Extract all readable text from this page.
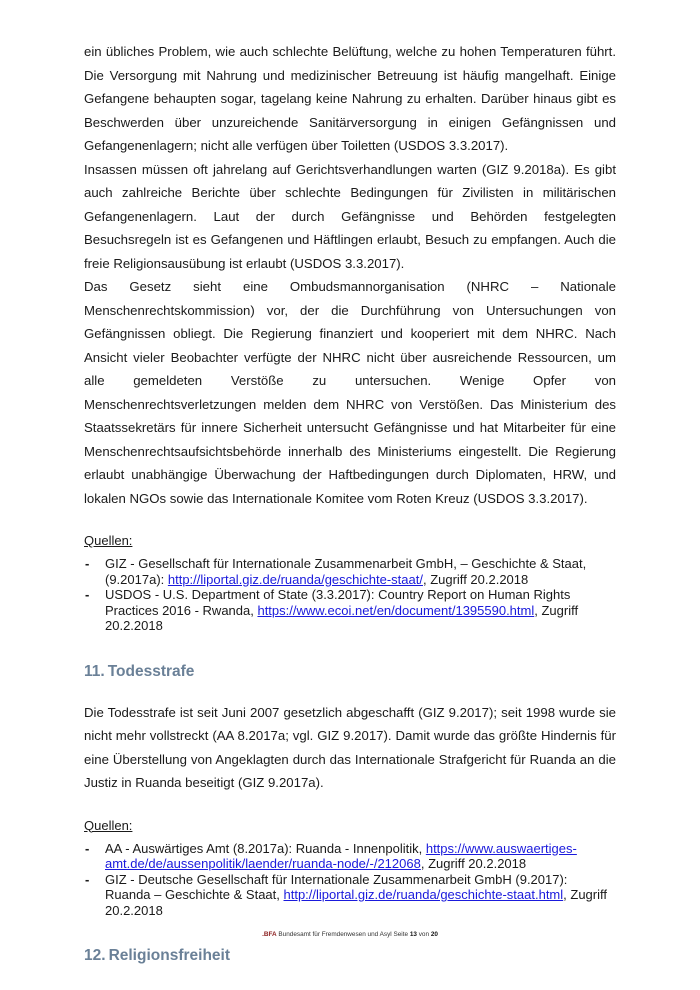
ein übliches Problem, wie auch schlechte Belüftung, welche zu hohen Temperaturen führt. Die Versorgung mit Nahrung und medizinischer Betreuung ist häufig mangelhaft. Einige Gefangene behaupten sogar, tagelang keine Nahrung zu erhalten. Darüber hinaus gibt es Beschwerden über unzureichende Sanitärversorgung in einigen Gefängnissen und Gefangenenlagern; nicht alle verfügen über Toiletten (USDOS 3.3.2017).

Insassen müssen oft jahrelang auf Gerichtsverhandlungen warten (GIZ 9.2018a). Es gibt auch zahlreiche Berichte über schlechte Bedingungen für Zivilisten in militärischen Gefangenenlagern. Laut der durch Gefängnisse und Behörden festgelegten Besuchsregeln ist es Gefangenen und Häftlingen erlaubt, Besuch zu empfangen. Auch die freie Religionsausübung ist erlaubt (USDOS 3.3.2017).

Das Gesetz sieht eine Ombudsmannorganisation (NHRC – Nationale Menschenrechtskommission) vor, der die Durchführung von Untersuchungen von Gefängnissen obliegt. Die Regierung finanziert und kooperiert mit dem NHRC. Nach Ansicht vieler Beobachter verfügte der NHRC nicht über ausreichende Ressourcen, um alle gemeldeten Verstöße zu untersuchen. Wenige Opfer von Menschenrechtsverletzungen melden dem NHRC von Verstößen. Das Ministerium des Staatssekretärs für innere Sicherheit untersucht Gefängnisse und hat Mitarbeiter für eine Menschenrechtsaufsichtsbehörde innerhalb des Ministeriums eingestellt. Die Regierung erlaubt unabhängige Überwachung der Haftbedingungen durch Diplomaten, HRW, und lokalen NGOs sowie das Internationale Komitee vom Roten Kreuz (USDOS 3.3.2017).

Quellen:
- GIZ - Gesellschaft für Internationale Zusammenarbeit GmbH, – Geschichte & Staat, (9.2017a): http://liportal.giz.de/ruanda/geschichte-staat/, Zugriff 20.2.2018
- USDOS - U.S. Department of State (3.3.2017): Country Report on Human Rights Practices 2016 - Rwanda, https://www.ecoi.net/en/document/1395590.html, Zugriff 20.2.2018
11. Todesstrafe

Die Todesstrafe ist seit Juni 2007 gesetzlich abgeschafft (GIZ 9.2017); seit 1998 wurde sie nicht mehr vollstreckt (AA 8.2017a; vgl. GIZ 9.2017). Damit wurde das größte Hindernis für eine Überstellung von Angeklagten durch das Internationale Strafgericht für Ruanda an die Justiz in Ruanda beseitigt (GIZ 9.2017a).

Quellen:
- AA - Auswärtiges Amt (8.2017a): Ruanda - Innenpolitik, https://www.auswaertiges-amt.de/de/aussenpolitik/laender/ruanda-node/-/212068, Zugriff 20.2.2018
- GIZ - Deutsche Gesellschaft für Internationale Zusammenarbeit GmbH (9.2017): Ruanda – Geschichte & Staat, http://liportal.giz.de/ruanda/geschichte-staat.html, Zugriff 20.2.2018
12. Religionsfreiheit
.BFA Bundesamt für Fremdenwesen und Asyl Seite 13 von 20
